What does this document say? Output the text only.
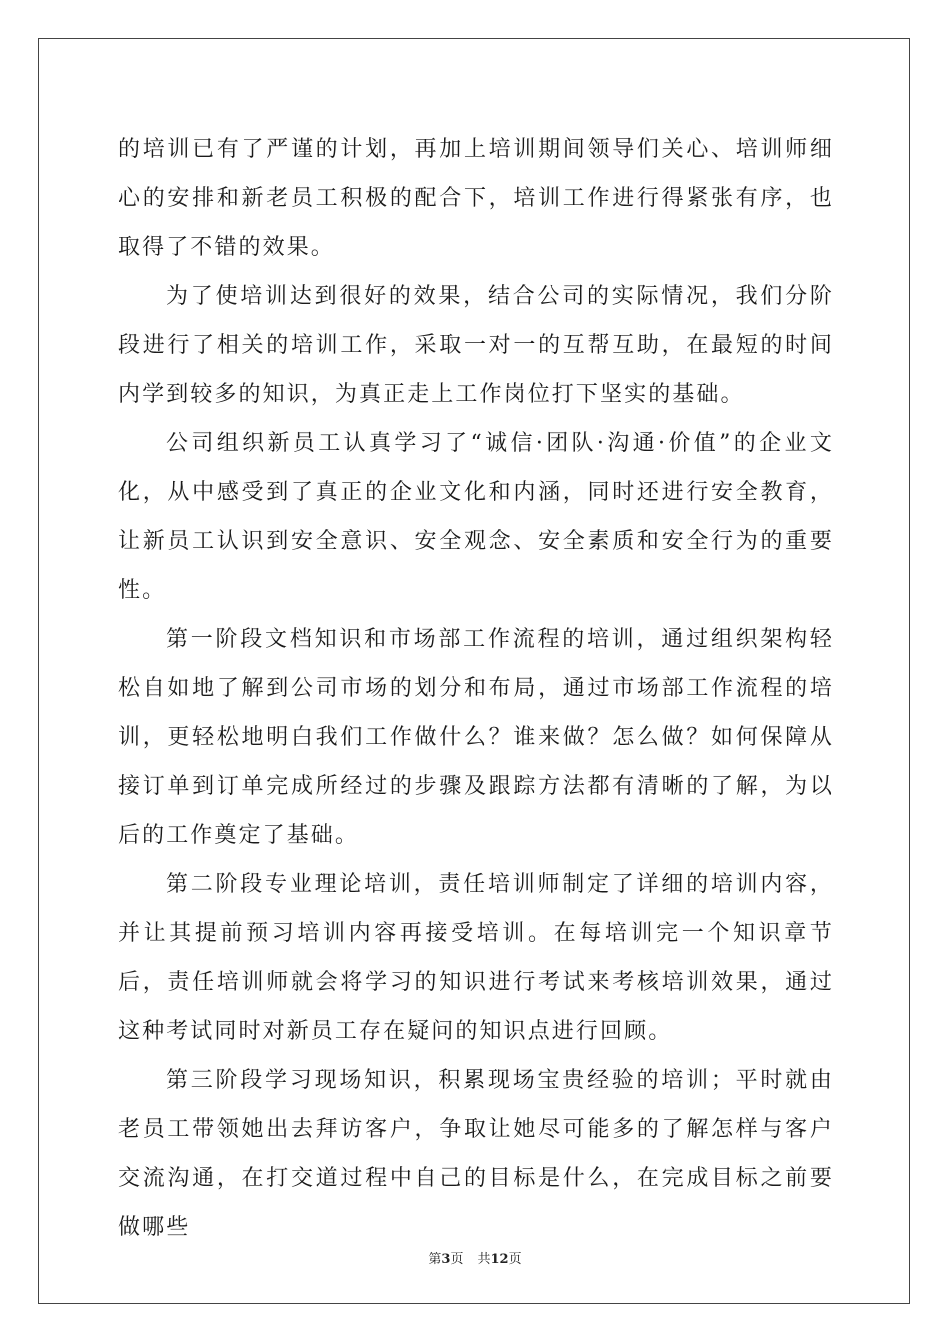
的培训已有了严谨的计划，再加上培训期间领导们关心、培训师细心的安排和新老员工积极的配合下，培训工作进行得紧张有序，也取得了不错的效果。

为了使培训达到很好的效果，结合公司的实际情况，我们分阶段进行了相关的培训工作，采取一对一的互帮互助，在最短的时间内学到较多的知识，为真正走上工作岗位打下坚实的基础。

公司组织新员工认真学习了“诚信·团队·沟通·价值”的企业文化，从中感受到了真正的企业文化和内涵，同时还进行安全教育，让新员工认识到安全意识、安全观念、安全素质和安全行为的重要性。

第一阶段文档知识和市场部工作流程的培训，通过组织架构轻松自如地了解到公司市场的划分和布局，通过市场部工作流程的培训，更轻松地明白我们工作做什么？谁来做？怎么做？如何保障从接订单到订单完成所经过的步骤及跟踪方法都有清晰的了解，为以后的工作奠定了基础。

第二阶段专业理论培训，责任培训师制定了详细的培训内容，并让其提前预习培训内容再接受培训。在每培训完一个知识章节后，责任培训师就会将学习的知识进行考试来考核培训效果，通过这种考试同时对新员工存在疑问的知识点进行回顾。

第三阶段学习现场知识，积累现场宝贵经验的培训；平时就由老员工带领她出去拜访客户，争取让她尽可能多的了解怎样与客户交流沟通，在打交道过程中自己的目标是什么，在完成目标之前要做哪些

第3页 共12页
